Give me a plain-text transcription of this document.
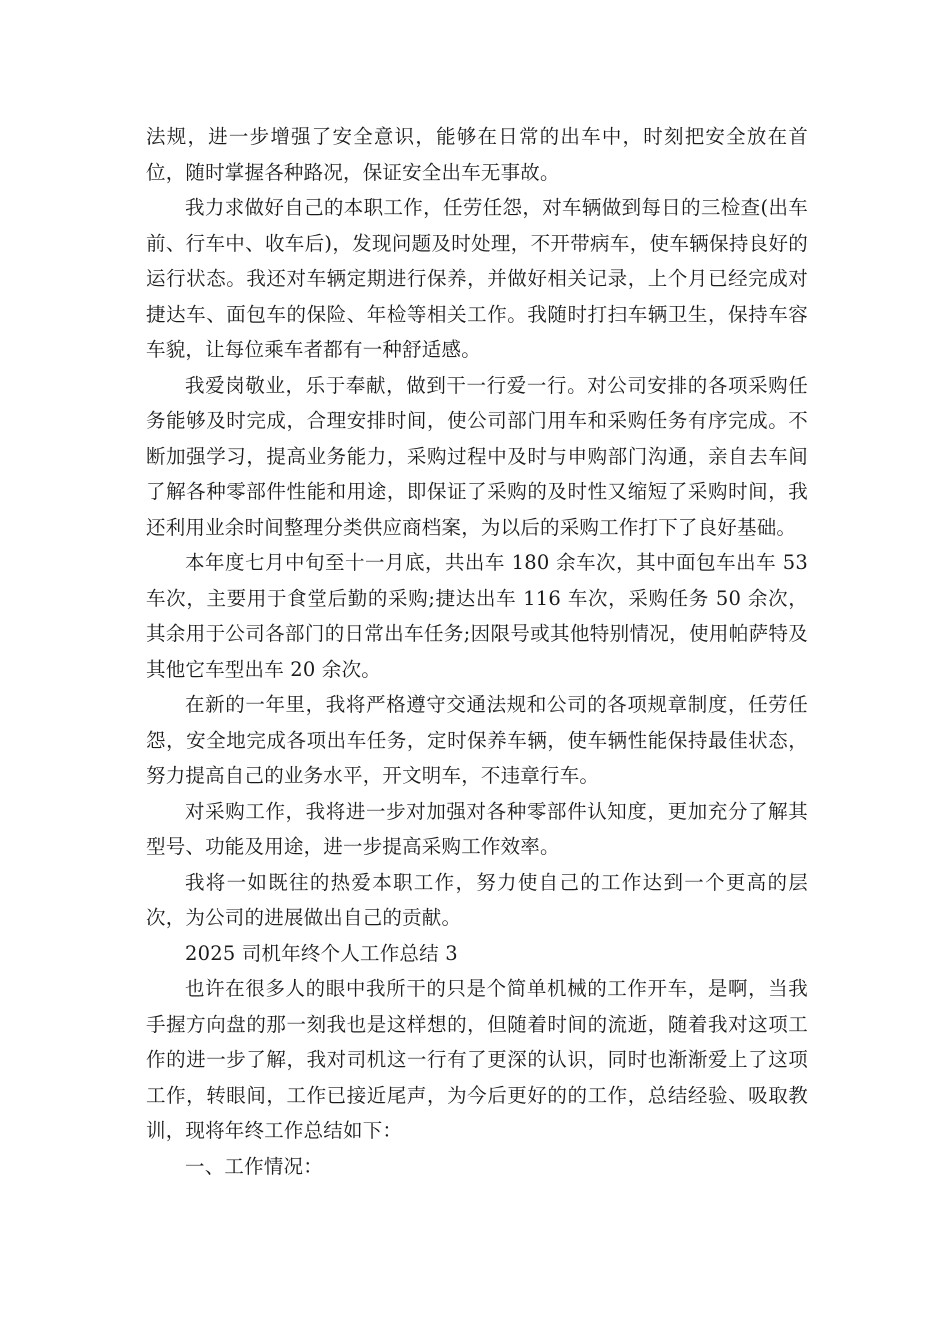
法规，进一步增强了安全意识，能够在日常的出车中，时刻把安全放在首位，随时掌握各种路况，保证安全出车无事故。

我力求做好自己的本职工作，任劳任怨，对车辆做到每日的三检查(出车前、行车中、收车后)，发现问题及时处理，不开带病车，使车辆保持良好的运行状态。我还对车辆定期进行保养，并做好相关记录，上个月已经完成对捷达车、面包车的保险、年检等相关工作。我随时打扫车辆卫生，保持车容车貌，让每位乘车者都有一种舒适感。

我爱岗敬业，乐于奉献，做到干一行爱一行。对公司安排的各项采购任务能够及时完成，合理安排时间，使公司部门用车和采购任务有序完成。不断加强学习，提高业务能力，采购过程中及时与申购部门沟通，亲自去车间了解各种零部件性能和用途，即保证了采购的及时性又缩短了采购时间，我还利用业余时间整理分类供应商档案，为以后的采购工作打下了良好基础。

本年度七月中旬至十一月底，共出车 180 余车次，其中面包车出车 53 车次，主要用于食堂后勤的采购;捷达出车 116 车次，采购任务 50 余次，其余用于公司各部门的日常出车任务;因限号或其他特别情况，使用帕萨特及其他它车型出车 20 余次。

在新的一年里，我将严格遵守交通法规和公司的各项规章制度，任劳任怨，安全地完成各项出车任务，定时保养车辆，使车辆性能保持最佳状态，努力提高自己的业务水平，开文明车，不违章行车。

对采购工作，我将进一步对加强对各种零部件认知度，更加充分了解其型号、功能及用途，进一步提高采购工作效率。

我将一如既往的热爱本职工作，努力使自己的工作达到一个更高的层次，为公司的进展做出自己的贡献。

2025 司机年终个人工作总结 3

也许在很多人的眼中我所干的只是个简单机械的工作开车，是啊，当我手握方向盘的那一刻我也是这样想的，但随着时间的流逝，随着我对这项工作的进一步了解，我对司机这一行有了更深的认识，同时也渐渐爱上了这项工作，转眼间，工作已接近尾声，为今后更好的的工作，总结经验、吸取教训，现将年终工作总结如下：

一、工作情况：
